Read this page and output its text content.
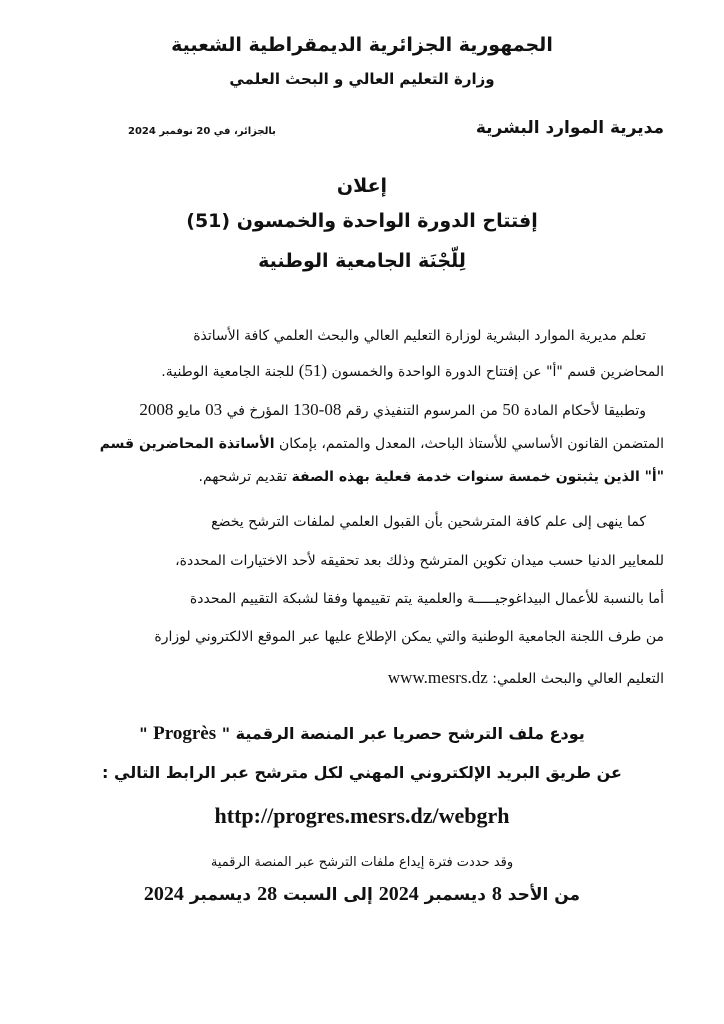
الجمهورية الجزائرية الديمقراطية الشعبية
وزارة التعليم العالي و البحث العلمي
مديرية الموارد البشرية
بالجزائر، في 20 نوفمبر 2024
إعلان
إفتتاح الدورة الواحدة والخمسون (51)
لِلّجْنَة الجامعية الوطنية
تعلم مديرية الموارد البشرية لوزارة التعليم العالي والبحث العلمي كافة الأساتذة
المحاضرين قسم "أ" عن إفتتاح الدورة الواحدة والخمسون (51) للجنة الجامعية الوطنية.
وتطبيقا لأحكام المادة 50 من المرسوم التنفيذي رقم 08-130 المؤرخ في 03 مايو 2008
المتضمن القانون الأساسي للأستاذ الباحث، المعدل والمتمم، بإمكان الأساتذة المحاضرين قسم
"أ" الذين يثبتون خمسة سنوات خدمة فعلية بهذه الصفة تقديم ترشحهم.
كما ينهى إلى علم كافة المترشحين بأن القبول العلمي لملفات الترشح يخضع
للمعايير الدنيا حسب ميدان تكوين المترشح وذلك بعد تحقيقه لأحد الاختيارات المحددة،
أما بالنسبة للأعمال البيداغوجيـــــة والعلمية يتم تقييمها وفقا لشبكة التقييم المحددة
من طرف اللجنة الجامعية الوطنية والتي يمكن الإطلاع عليها عبر الموقع الالكتروني لوزارة
التعليم العالي والبحث العلمي: www.mesrs.dz
يودع ملف الترشح حصريا عبر المنصة الرقمية " Progrès "
عن طريق البريد الإلكتروني المهني لكل مترشح عبر الرابط التالي :
http://progres.mesrs.dz/webgrh
وقد حددت فترة إيداع ملفات الترشح عبر المنصة الرقمية
من الأحد 8 ديسمبر 2024 إلى السبت 28 ديسمبر 2024
